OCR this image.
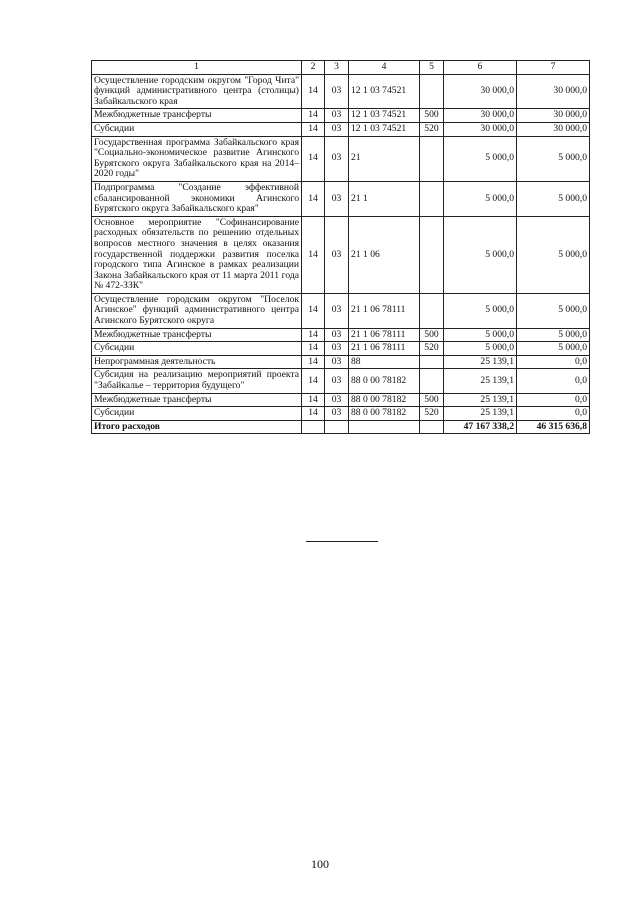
1	2	3	4	5	6	7
Осуществление городским округом "Город Чита" функций административного центра (столицы) Забайкальского края	14	03	12 1 03 74521		30 000,0	30 000,0
Межбюджетные трансферты	14	03	12 1 03 74521	500	30 000,0	30 000,0
Субсидии	14	03	12 1 03 74521	520	30 000,0	30 000,0
Государственная программа Забайкальского края "Социально-экономическое развитие Агинского Бурятского округа Забайкальского края на 2014–2020 годы"	14	03	21		5 000,0	5 000,0
Подпрограмма "Создание эффективной сбалансированной экономики Агинского Бурятского округа Забайкальского края"	14	03	21 1		5 000,0	5 000,0
Основное мероприятие "Софинансирование расходных обязательств по решению отдельных вопросов местного значения в целях оказания государственной поддержки развития поселка городского типа Агинское в рамках реализации Закона Забайкальского края от 11 марта 2011 года № 472-ЗЗК"	14	03	21 1 06		5 000,0	5 000,0
Осуществление городским округом "Поселок Агинское" функций административного центра Агинского Бурятского округа	14	03	21 1 06 78111		5 000,0	5 000,0
Межбюджетные трансферты	14	03	21 1 06 78111	500	5 000,0	5 000,0
Субсидии	14	03	21 1 06 78111	520	5 000,0	5 000,0
Непрограммная деятельность	14	03	88		25 139,1	0,0
Субсидия на реализацию мероприятий проекта "Забайкалье – территория будущего"	14	03	88 0 00 78182		25 139,1	0,0
Межбюджетные трансферты	14	03	88 0 00 78182	500	25 139,1	0,0
Субсидии	14	03	88 0 00 78182	520	25 139,1	0,0
Итого расходов					47 167 338,2	46 315 636,8
100
